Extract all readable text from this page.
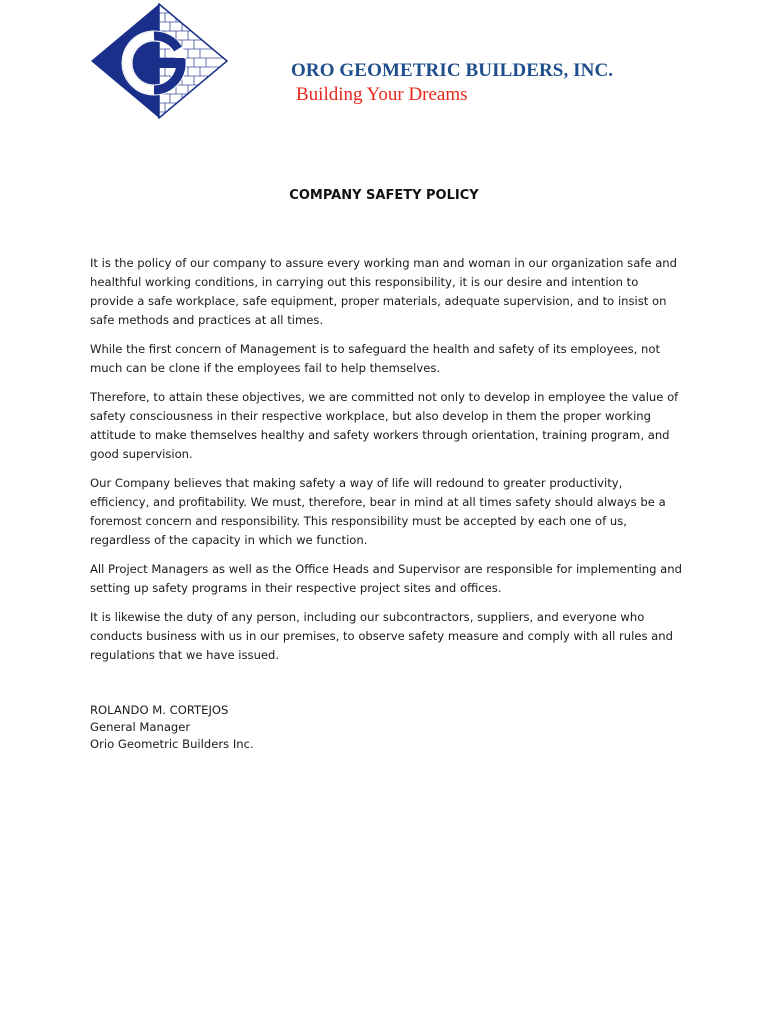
ORO GEOMETRIC BUILDERS, INC.
Building Your Dreams
COMPANY SAFETY POLICY

It is the policy of our company to assure every working man and woman in our organization safe and healthful working conditions, in carrying out this responsibility, it is our desire and intention to provide a safe workplace, safe equipment, proper materials, adequate supervision, and to insist on safe methods and practices at all times.

While the first concern of Management is to safeguard the health and safety of its employees, not much can be clone if the employees fail to help themselves.

Therefore, to attain these objectives, we are committed not only to develop in employee the value of safety consciousness in their respective workplace, but also develop in them the proper working attitude to make themselves healthy and safety workers through orientation, training program, and good supervision.

Our Company believes that making safety a way of life will redound to greater productivity, efficiency, and profitability. We must, therefore, bear in mind at all times safety should always be a foremost concern and responsibility. This responsibility must be accepted by each one of us, regardless of the capacity in which we function.

All Project Managers as well as the Office Heads and Supervisor are responsible for implementing and setting up safety programs in their respective project sites and offices.

It is likewise the duty of any person, including our subcontractors, suppliers, and everyone who conducts business with us in our premises, to observe safety measure and comply with all rules and regulations that we have issued.

ROLANDO M. CORTEJOS
General Manager
Orio Geometric Builders Inc.
